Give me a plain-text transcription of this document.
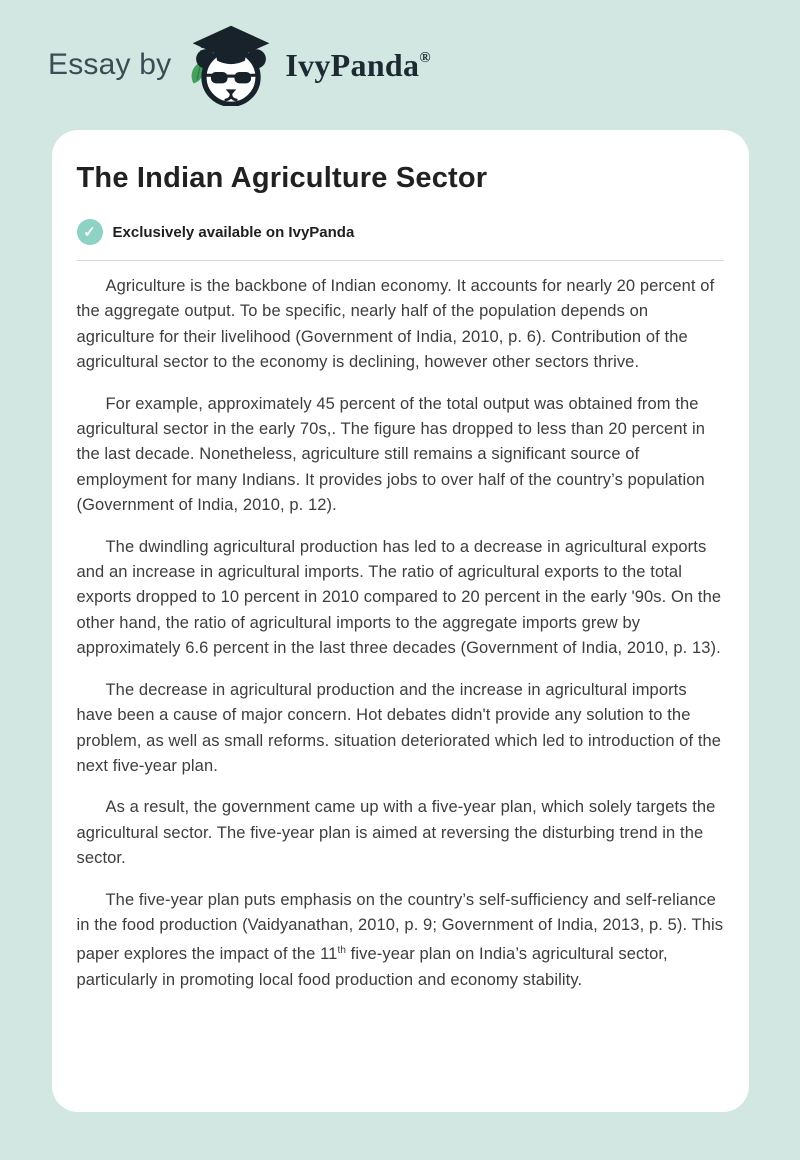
Essay by	IvyPanda®
The Indian Agriculture Sector
✓	Exclusively available on IvyPanda

Agriculture is the backbone of Indian economy. It accounts for nearly 20 percent of the aggregate output. To be specific, nearly half of the population depends on agriculture for their livelihood (Government of India, 2010, p. 6). Contribution of the agricultural sector to the economy is declining, however other sectors thrive.

For example, approximately 45 percent of the total output was obtained from the agricultural sector in the early 70s,. The figure has dropped to less than 20 percent in the last decade. Nonetheless, agriculture still remains a significant source of employment for many Indians. It provides jobs to over half of the country’s population (Government of India, 2010, p. 12).

The dwindling agricultural production has led to a decrease in agricultural exports and an increase in agricultural imports. The ratio of agricultural exports to the total exports dropped to 10 percent in 2010 compared to 20 percent in the early '90s. On the other hand, the ratio of agricultural imports to the aggregate imports grew by approximately 6.6 percent in the last three decades (Government of India, 2010, p. 13).

The decrease in agricultural production and the increase in agricultural imports have been a cause of major concern. Hot debates didn't provide any solution to the problem, as well as small reforms. situation deteriorated which led to introduction of the next five-year plan.

As a result, the government came up with a five-year plan, which solely targets the agricultural sector. The five-year plan is aimed at reversing the disturbing trend in the sector.

The five-year plan puts emphasis on the country’s self-sufficiency and self-reliance in the food production (Vaidyanathan, 2010, p. 9; Government of India, 2013, p. 5). This paper explores the impact of the 11th five-year plan on India’s agricultural sector, particularly in promoting local food production and economy stability.
